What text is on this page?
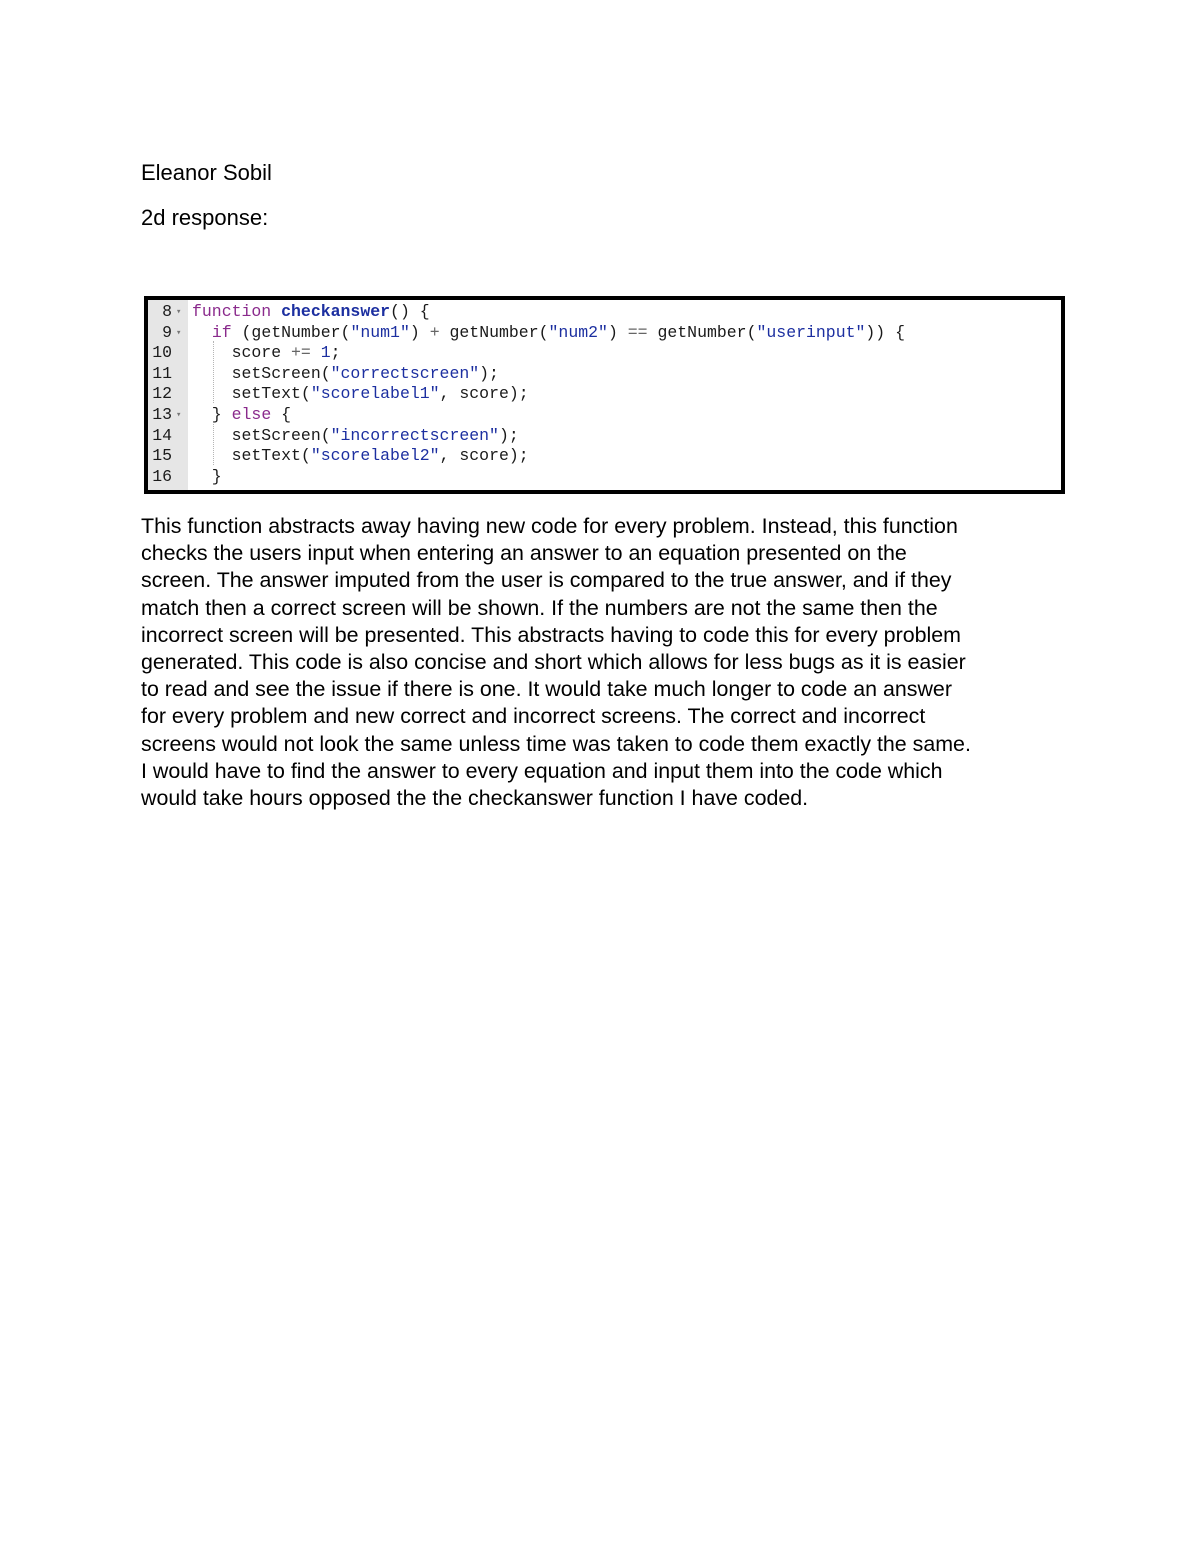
Eleanor Sobil
2d response:
8 ▾ function checkanswer() {
9 ▾	if (getNumber("num1") + getNumber("num2") == getNumber("userinput")) {
10 score += 1;
11 setScreen("correctscreen");
12 setText("scorelabel1", score);
13 ▾ } else {
14 setScreen("incorrectscreen");
15 setText("scorelabel2", score);
16 }
This function abstracts away having new code for every problem. Instead, this function
checks the users input when entering an answer to an equation presented on the
screen. The answer imputed from the user is compared to the true answer, and if they
match then a correct screen will be shown. If the numbers are not the same then the
incorrect screen will be presented. This abstracts having to code this for every problem
generated. This code is also concise and short which allows for less bugs as it is easier
to read and see the issue if there is one. It would take much longer to code an answer
for every problem and new correct and incorrect screens. The correct and incorrect
screens would not look the same unless time was taken to code them exactly the same.
I would have to find the answer to every equation and input them into the code which
would take hours opposed the the checkanswer function I have coded.
